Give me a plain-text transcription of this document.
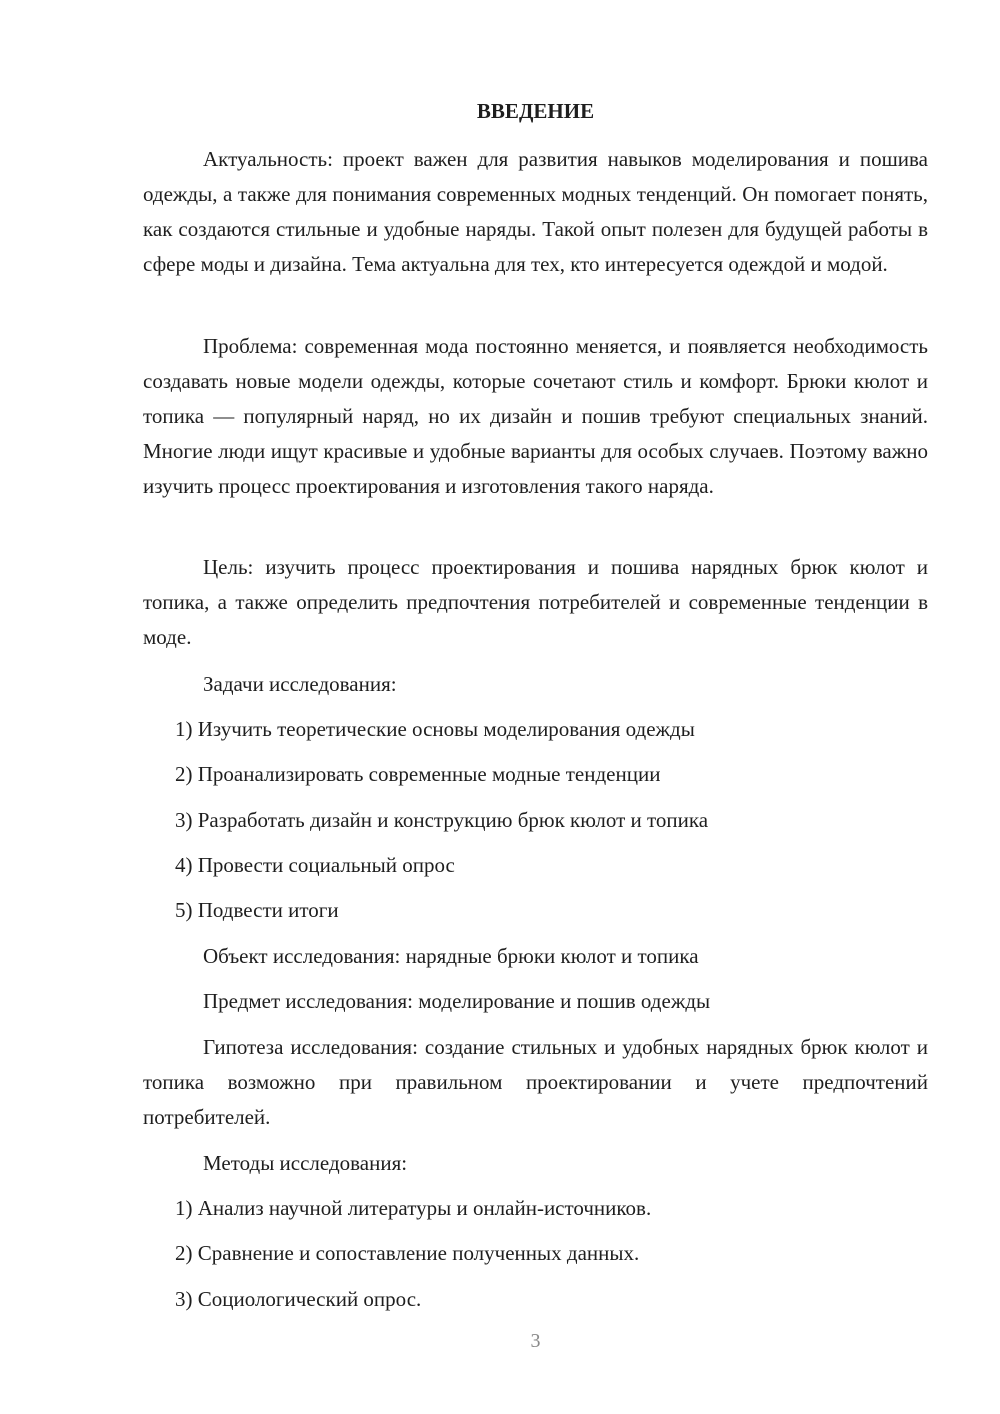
ВВЕДЕНИЕ

Актуальность: проект важен для развития навыков моделирования и пошива одежды, а также для понимания современных модных тенденций. Он помогает понять, как создаются стильные и удобные наряды. Такой опыт полезен для будущей работы в сфере моды и дизайна. Тема актуальна для тех, кто интересуется одеждой и модой.

Проблема: современная мода постоянно меняется, и появляется необходимость создавать новые модели одежды, которые сочетают стиль и комфорт. Брюки кюлот и топика — популярный наряд, но их дизайн и пошив требуют специальных знаний. Многие люди ищут красивые и удобные варианты для особых случаев. Поэтому важно изучить процесс проектирования и изготовления такого наряда.

Цель: изучить процесс проектирования и пошива нарядных брюк кюлот и топика, а также определить предпочтения потребителей и современные тенденции в моде.

Задачи исследования:

1) Изучить теоретические основы моделирования одежды

2) Проанализировать современные модные тенденции

3) Разработать дизайн и конструкцию брюк кюлот и топика

4) Провести социальный опрос

5) Подвести итоги

Объект исследования: нарядные брюки кюлот и топика

Предмет исследования: моделирование и пошив одежды

Гипотеза исследования: создание стильных и удобных нарядных брюк кюлот и топика возможно при правильном проектировании и учете предпочтений потребителей.

Методы исследования:

1) Анализ научной литературы и онлайн-источников.

2) Сравнение и сопоставление полученных данных.

3) Социологический опрос.

3
